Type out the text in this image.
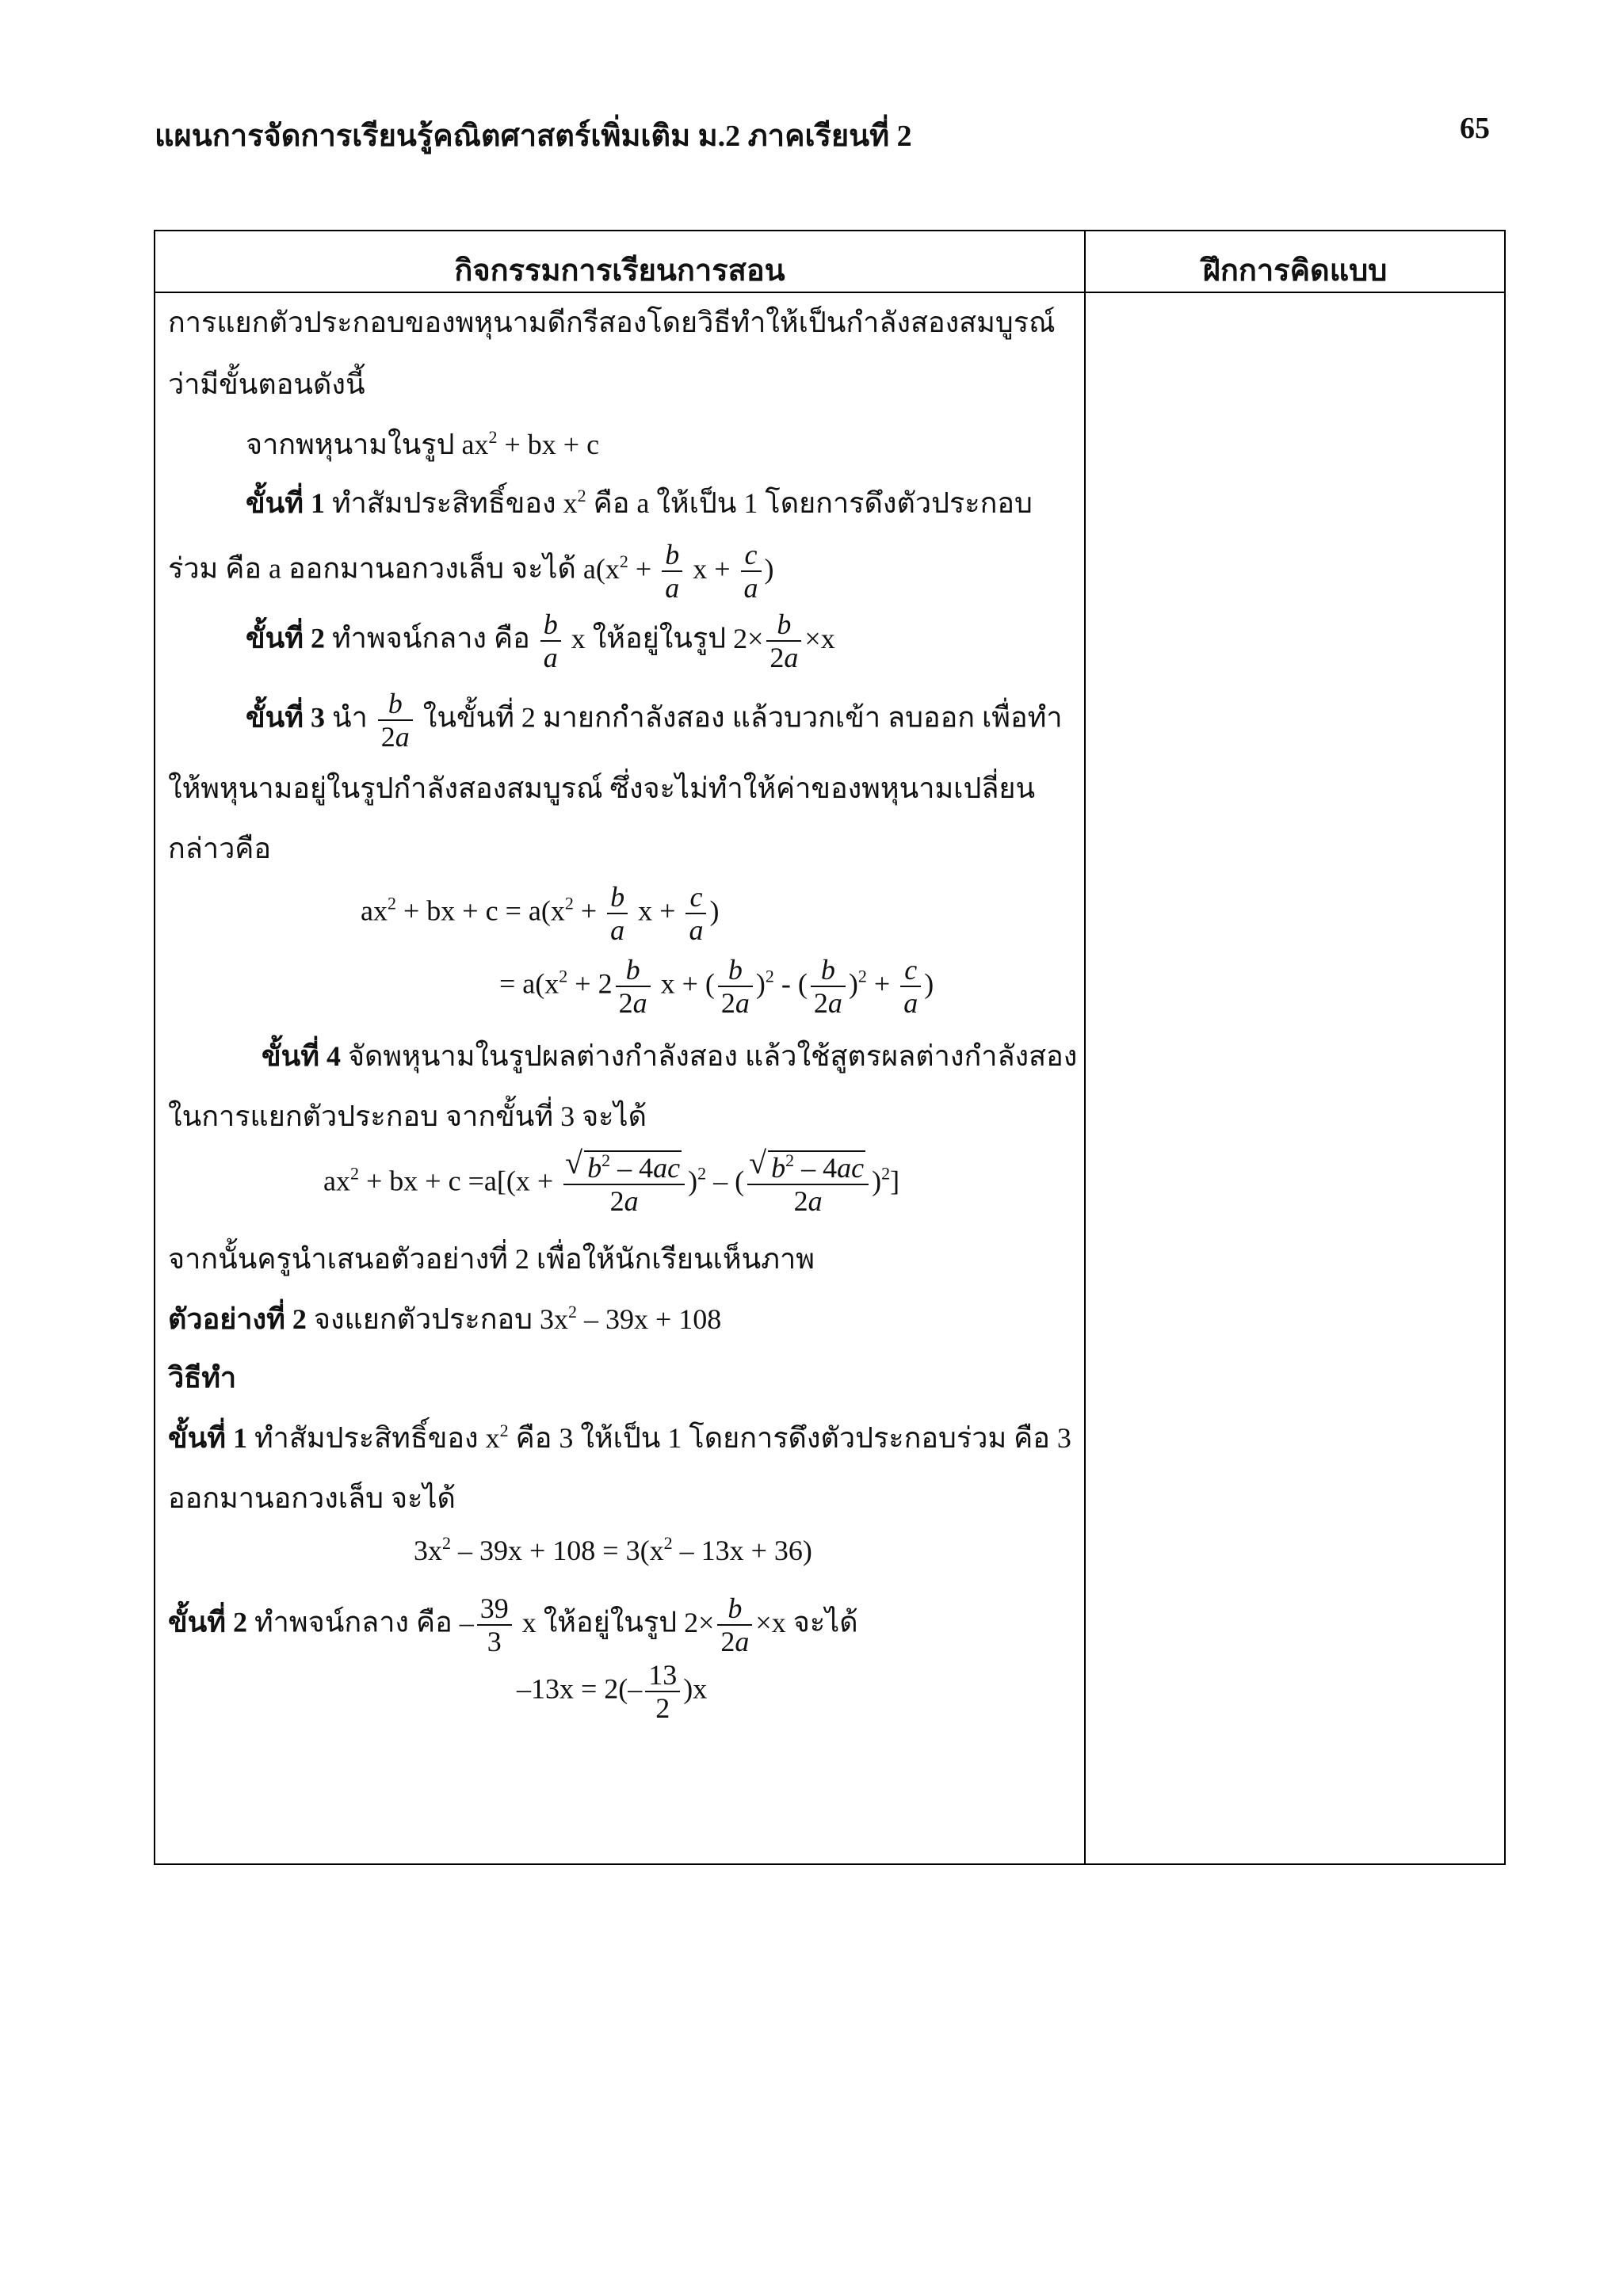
แผนการจัดการเรียนรู้คณิตศาสตร์เพิ่มเติม ม.2 ภาคเรียนที่ 2	65
กิจกรรมการเรียนการสอน	ฝึกการคิดแบบ
การแยกตัวประกอบของพหุนามดีกรีสองโดยวิธีทำให้เป็นกำลังสองสมบูรณ์
ว่ามีขั้นตอนดังนี้
จากพหุนามในรูป $ax^2$ + bx + c
ขั้นที่ 1 ทำสัมประสิทธิ์ของ $x^2$ คือ a ให้เป็น 1 โดยการดึงตัวประกอบ
ร่วม คือ a ออกมานอกวงเล็บ จะได้ $a(x^2 + \frac{b}{a}$ $x + \frac{c}{a}$ )
ขั้นที่ 2 ทำพจน์กลาง คือ $\frac{b}{a}$ x ให้อยู่ในรูป $2\times \frac{b}{2a} \times x$
ขั้นที่ 3 นำ $\frac{b}{2a}$ ในขั้นที่ 2 มายกกำลังสอง แล้วบวกเข้า ลบออก เพื่อทำ
ให้พหุนามอยู่ในรูปกำลังสองสมบูรณ์ ซึ่งจะไม่ทำให้ค่าของพหุนามเปลี่ยน
กล่าวคือ
$ax^2$ + bx + $c = a(x^2 + \frac{b}{a}$ $x + \frac{c}{a}$ )
= $a(x^2 + 2 \frac{b}{2a}$ x + ( $\frac{b}{2a} )^2$ - ( $\frac{b}{2a} )^2 + \frac{c}{a}$ )
ขั้นที่ 4 จัดพหุนามในรูปผลต่างกำลังสอง แล้วใช้สูตรผลต่างกำลังสอง
ในการแยกตัวประกอบ จากขั้นที่ 3 จะได้
$ax^2$ + bx + c =a[(x + √ $\frac{b^2 - 4ac}{2a} )^2$ – ( √ $\frac{b^2 - 4ac}{2a} )^2$]
จากนั้นครูนำเสนอตัวอย่างที่ 2 เพื่อให้นักเรียนเห็นภาพ
ตัวอย่างที่ 2 จงแยกตัวประกอบ $3x^2 - 39x + 108$
วิธีทำ
ขั้นที่ 1 ทำสัมประสิทธิ์ของ $x^2$ คือ 3 ให้เป็น 1 โดยการดึงตัวประกอบร่วม คือ 3
ออกมานอกวงเล็บ จะได้
$3x^2 - 39x + 108 = 3(x^2 - 13x + 36)$
ขั้นที่ 2 ทำพจน์กลาง คือ – $\frac{39}{3}$ x ให้อยู่ในรูป $2\times \frac{b}{2a} \times x$ จะได้
$-13x = 2(- \frac{13}{2} )x$
